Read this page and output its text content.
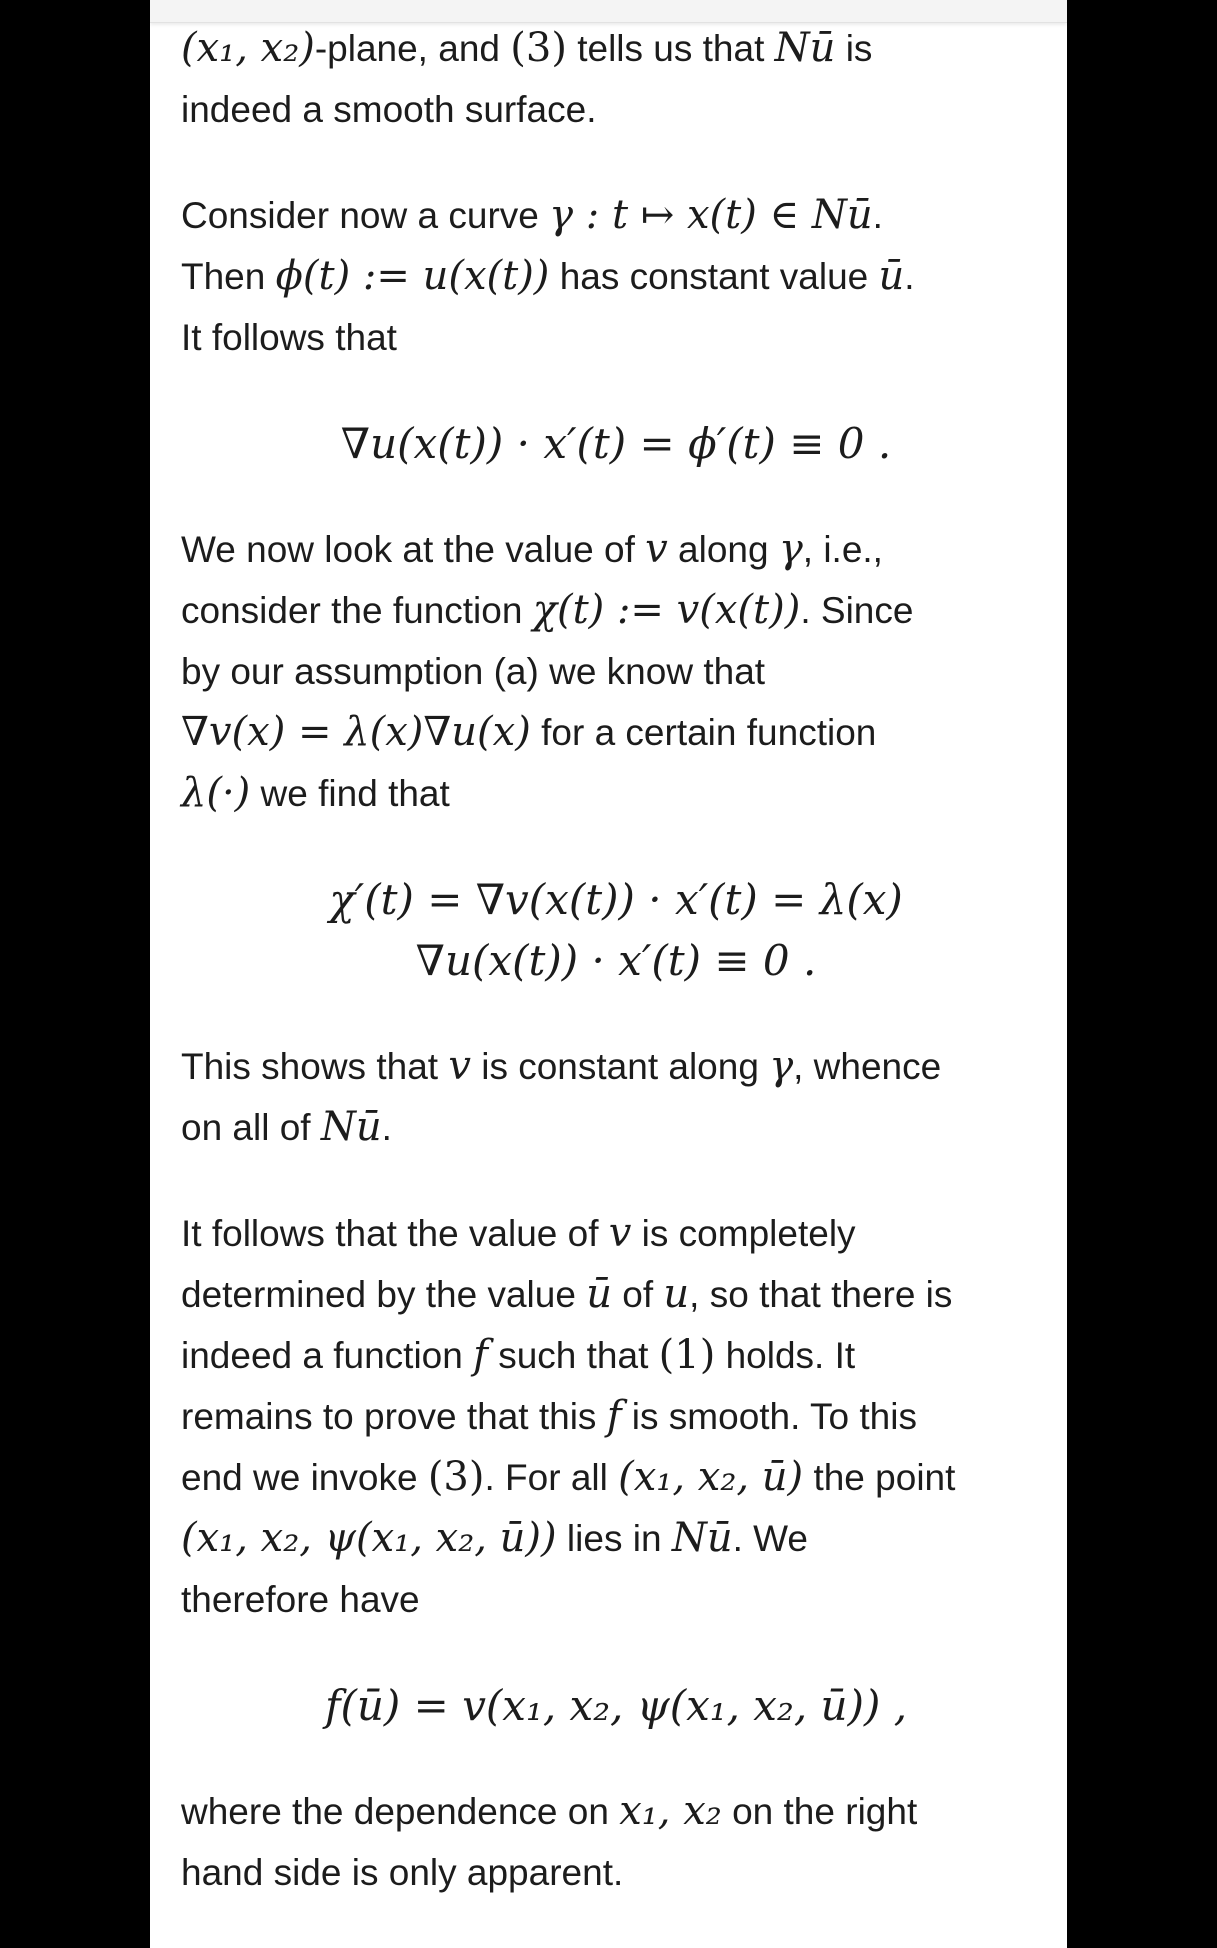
(x₁, x₂)-plane, and (3) tells us that Nū is
indeed a smooth surface.
Consider now a curve γ : t ↦ x(t) ∈ Nū.
Then ϕ(t) := u(x(t)) has constant value ū.
It follows that
∇u(x(t)) · x′(t) = ϕ′(t) ≡ 0 .
We now look at the value of v along γ, i.e.,
consider the function χ(t) := v(x(t)). Since
by our assumption (a) we know that
∇v(x) = λ(x)∇u(x) for a certain function
λ(·) we find that
χ′(t) = ∇v(x(t)) · x′(t) = λ(x)
∇u(x(t)) · x′(t) ≡ 0 .
This shows that v is constant along γ, whence
on all of Nū.
It follows that the value of v is completely
determined by the value ū of u, so that there is
indeed a function f such that (1) holds. It
remains to prove that this f is smooth. To this
end we invoke (3). For all (x₁, x₂, ū) the point
(x₁, x₂, ψ(x₁, x₂, ū)) lies in Nū. We
therefore have
f(ū) = v(x₁, x₂, ψ(x₁, x₂, ū)) ,
where the dependence on x₁, x₂ on the right
hand side is only apparent.
